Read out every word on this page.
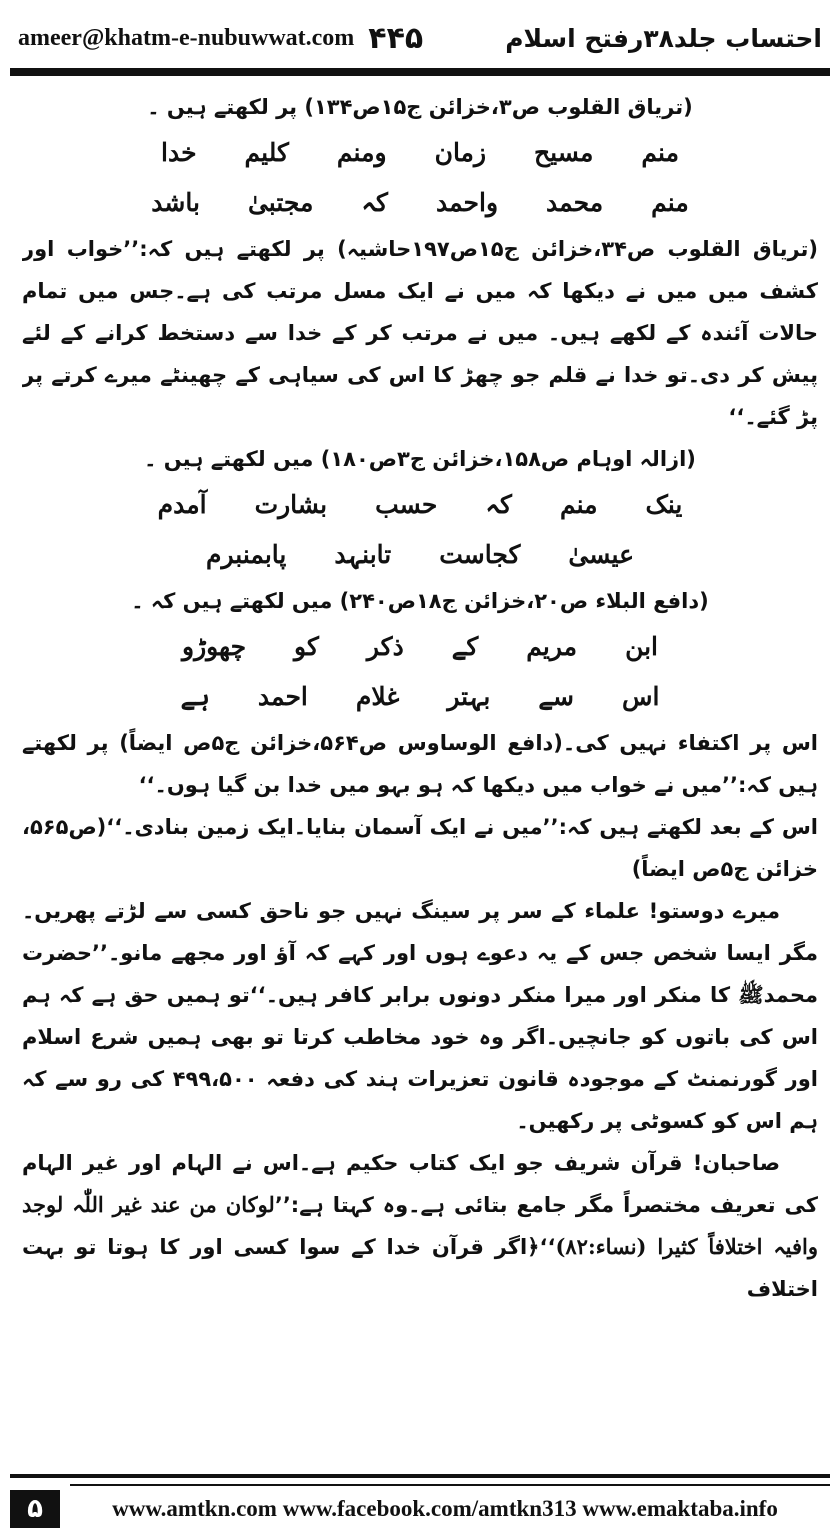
ameer@khatm-e-nubuwwat.com ۴۴۵	احتساب جلد۳۸رفتح اسلام

(تریاق القلوب ص۳،خزائن ج۱۵ص۱۳۴) پر لکھتے ہیں ۔

منم
مسیح
زمان
ومنم
کلیم
خدا
منم
محمد
واحمد
کہ
مجتبیٰ
باشد

(تریاق القلوب ص۳۴،خزائن ج۱۵ص۱۹۷حاشیہ) پر لکھتے ہیں کہ:’’خواب اور کشف میں میں نے دیکھا کہ میں نے ایک مسل مرتب کی ہے۔جس میں تمام حالات آئندہ کے لکھے ہیں۔ میں نے مرتب کر کے خدا سے دستخط کرانے کے لئے پیش کر دی۔تو خدا نے قلم جو چھڑ کا اس کی سیاہی کے چھینٹے میرے کرتے پر پڑ گئے۔‘‘

(ازالہ اوہام ص۱۵۸،خزائن ج۳ص۱۸۰) میں لکھتے ہیں ۔

ینک
منم
کہ
حسب
بشارت
آمدم
عیسیٰ
کجاست
تابنہد
پابمنبرم

(دافع البلاء ص۲۰،خزائن ج۱۸ص۲۴۰) میں لکھتے ہیں کہ ۔

ابن
مریم
کے
ذکر
کو
چھوڑو
اس
سے
بہتر
غلام
احمد
ہے

اس پر اکتفاء نہیں کی۔(دافع الوساوس ص۵۶۴،خزائن ج۵ص ایضاً) پر لکھتے ہیں کہ:’’میں نے خواب میں دیکھا کہ ہو بہو میں خدا بن گیا ہوں۔‘‘

اس کے بعد لکھتے ہیں کہ:’’میں نے ایک آسمان بنایا۔ایک زمین بنادی۔‘‘(ص۵۶۵، خزائن ج۵ص ایضاً)

میرے دوستو! علماء کے سر پر سینگ نہیں جو ناحق کسی سے لڑتے پھریں۔مگر ایسا شخص جس کے یہ دعوے ہوں اور کہے کہ آؤ اور مجھے مانو۔’’حضرت محمدﷺ کا منکر اور میرا منکر دونوں برابر کافر ہیں۔‘‘تو ہمیں حق ہے کہ ہم اس کی باتوں کو جانچیں۔اگر وہ خود مخاطب کرتا تو بھی ہمیں شرع اسلام اور گورنمنٹ کے موجودہ قانون تعزیرات ہند کی دفعہ ۴۹۹،۵۰۰ کی رو سے کہ ہم اس کو کسوٹی پر رکھیں۔

صاحبان! قرآن شریف جو ایک کتاب حکیم ہے۔اس نے الہام اور غیر الہام کی تعریف مختصراً مگر جامع بتائی ہے۔وہ کہتا ہے:’’لوکان من عند غیر اللّٰہ لوجد وافیہ اختلافاً کثیرا (نساء:۸۲)‘‘﴿اگر قرآن خدا کے سوا کسی اور کا ہوتا تو بہت اختلاف

۵	www.amtkn.com www.facebook.com/amtkn313 www.emaktaba.info
